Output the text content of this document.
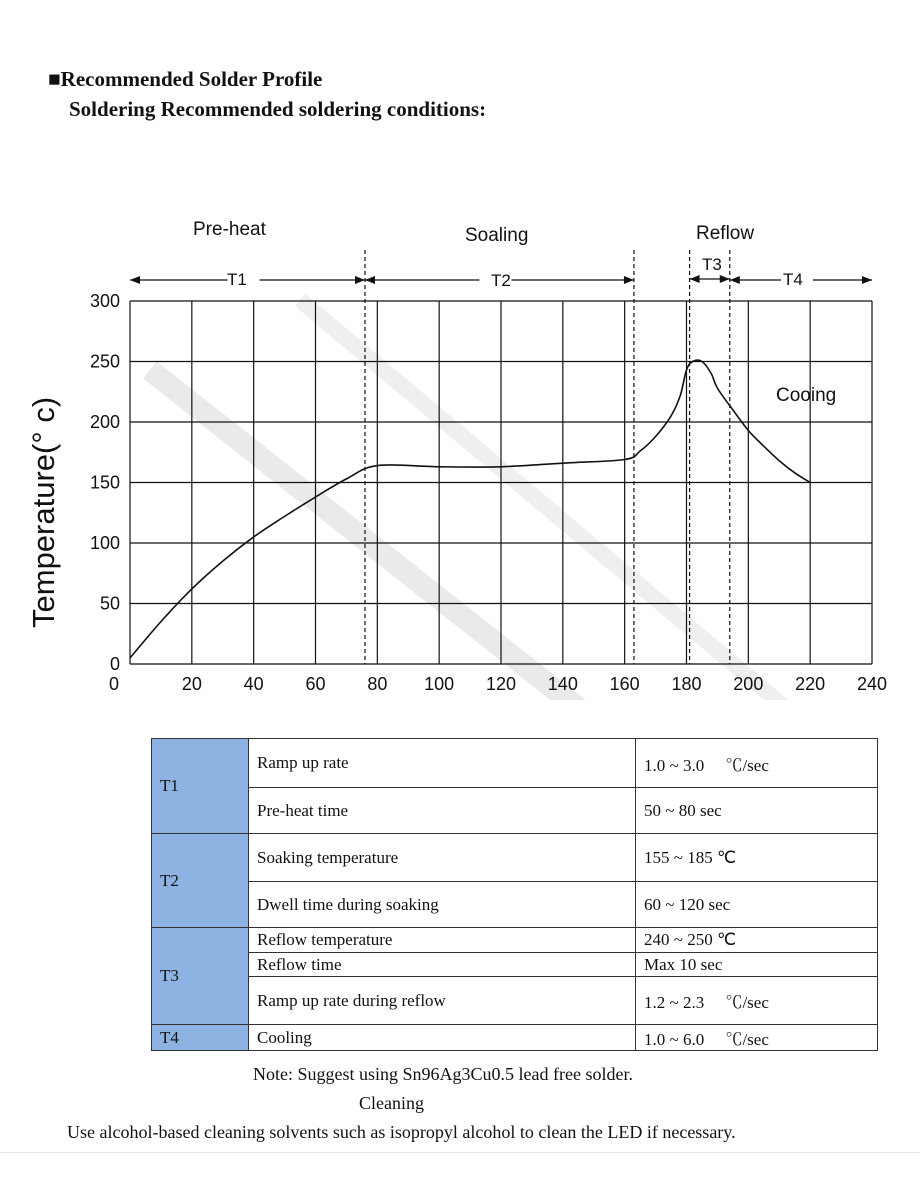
■Recommended Solder Profile
Soldering Recommended soldering conditions:
Pre-heat	Soaling	Reflow
Cooing
T1	T2
T3
T4
0	20 40 60 80 100 120 140 160 180 200 220 240
0
50
100
150
200
250
300
Temperature(° c)
T1	Ramp up rate	1.0 ~ 3.0 　℃/sec
	Pre-heat time	50 ~ 80 sec
T2	Soaking temperature	155 ~ 185 ℃
	Dwell time during soaking	60 ~ 120 sec
T3	Reflow temperature	240 ~ 250 ℃
	Reflow time	Max 10 sec
	Ramp up rate during reflow	1.2 ~ 2.3 　℃/sec
T4	Cooling	1.0 ~ 6.0 　℃/sec
Note: Suggest using Sn96Ag3Cu0.5 lead free solder.
Cleaning
Use alcohol-based cleaning solvents such as isopropyl alcohol to clean the LED if necessary.
